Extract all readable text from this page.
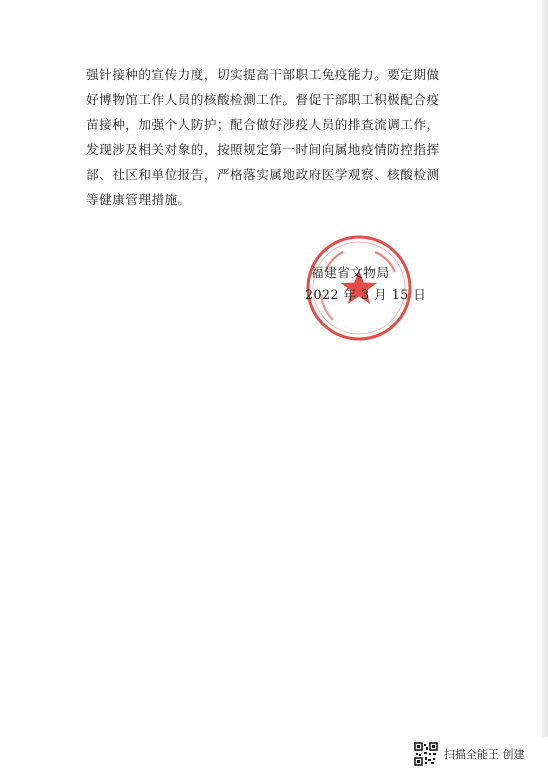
强针接种的宣传力度，切实提高干部职工免疫能力。要定期做
好博物馆工作人员的核酸检测工作。督促干部职工积极配合疫
苗接种，加强个人防护；配合做好涉疫人员的排查流调工作，
发现涉及相关对象的，按照规定第一时间向属地疫情防控指挥
部、社区和单位报告，严格落实属地政府医学观察、核酸检测
等健康管理措施。
福建省文物局
2022 年 3 月 15 日
扫描全能王 创建
